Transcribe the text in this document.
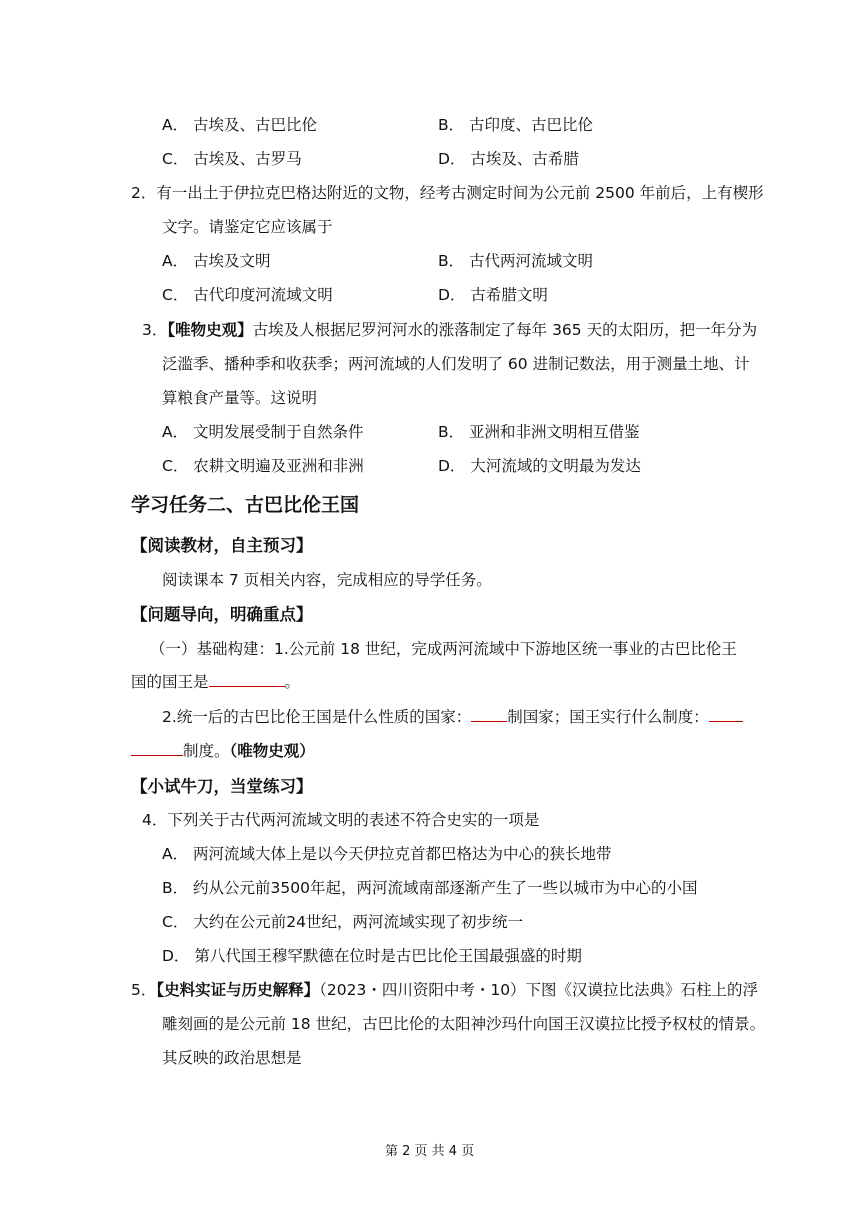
A． 古埃及、古巴比伦	B． 古印度、古巴比伦
C． 古埃及、古罗马	D． 古埃及、古希腊
2．有一出土于伊拉克巴格达附近的文物，经考古测定时间为公元前 2500 年前后，上有楔形
文字。请鉴定它应该属于
A． 古埃及文明	B． 古代两河流域文明
C． 古代印度河流域文明	D． 古希腊文明
3．【唯物史观】古埃及人根据尼罗河河水的涨落制定了每年 365 天的太阳历，把一年分为
泛滥季、播种季和收获季；两河流域的人们发明了 60 进制记数法，用于测量土地、计
算粮食产量等。这说明
A． 文明发展受制于自然条件	B． 亚洲和非洲文明相互借鉴
C． 农耕文明遍及亚洲和非洲	D． 大河流域的文明最为发达
学习任务二、古巴比伦王国
【阅读教材，自主预习】
阅读课本 7 页相关内容，完成相应的导学任务。
【问题导向，明确重点】
（一）基础构建：1.公元前 18 世纪，完成两河流域中下游地区统一事业的古巴比伦王
国的国王是	。
2.统一后的古巴比伦王国是什么性质的国家： 制国家；国王实行什么制度：
制度。（唯物史观）
【小试牛刀，当堂练习】
4．下列关于古代两河流域文明的表述不符合史实的一项是
A． 两河流域大体上是以今天伊拉克首都巴格达为中心的狭长地带
B． 约从公元前3500年起，两河流域南部逐渐产生了一些以城市为中心的小国
C． 大约在公元前24世纪，两河流域实现了初步统一
D． 第八代国王穆罕默德在位时是古巴比伦王国最强盛的时期
5．【史料实证与历史解释】（2023・四川资阳中考・10）下图《汉谟拉比法典》石柱上的浮
雕刻画的是公元前 18 世纪，古巴比伦的太阳神沙玛什向国王汉谟拉比授予权杖的情景。
其反映的政治思想是
第 2 页 共 4 页
